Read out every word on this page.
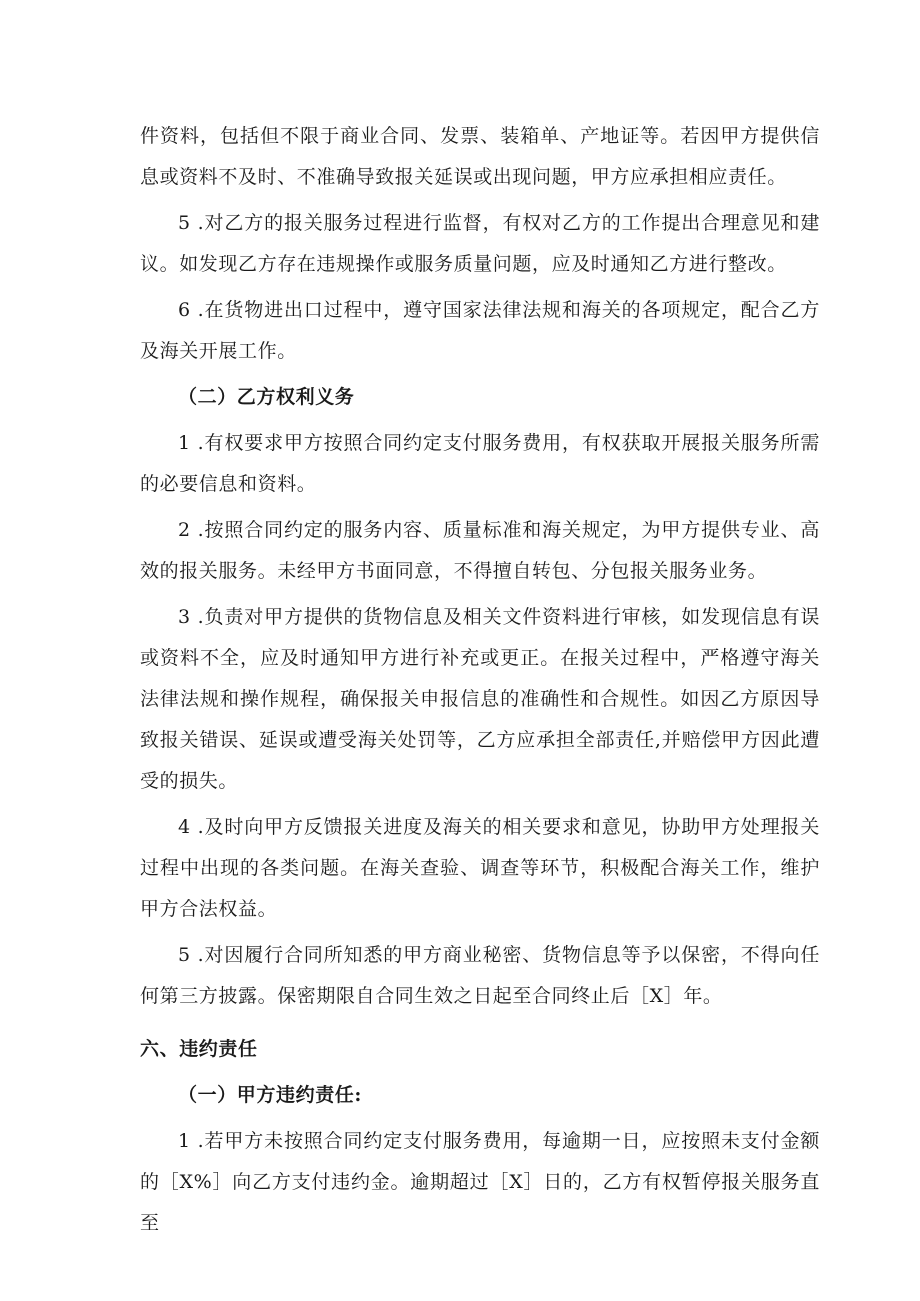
件资料，包括但不限于商业合同、发票、装箱单、产地证等。若因甲方提供信息或资料不及时、不准确导致报关延误或出现问题，甲方应承担相应责任。

5 .对乙方的报关服务过程进行监督，有权对乙方的工作提出合理意见和建议。如发现乙方存在违规操作或服务质量问题，应及时通知乙方进行整改。

6 .在货物进出口过程中，遵守国家法律法规和海关的各项规定，配合乙方及海关开展工作。

（二）乙方权利义务

1 .有权要求甲方按照合同约定支付服务费用，有权获取开展报关服务所需的必要信息和资料。

2 .按照合同约定的服务内容、质量标准和海关规定，为甲方提供专业、高效的报关服务。未经甲方书面同意，不得擅自转包、分包报关服务业务。

3 .负责对甲方提供的货物信息及相关文件资料进行审核，如发现信息有误或资料不全，应及时通知甲方进行补充或更正。在报关过程中，严格遵守海关法律法规和操作规程，确保报关申报信息的准确性和合规性。如因乙方原因导致报关错误、延误或遭受海关处罚等，乙方应承担全部责任,并赔偿甲方因此遭受的损失。

4 .及时向甲方反馈报关进度及海关的相关要求和意见，协助甲方处理报关过程中出现的各类问题。在海关查验、调查等环节，积极配合海关工作，维护甲方合法权益。

5 .对因履行合同所知悉的甲方商业秘密、货物信息等予以保密，不得向任何第三方披露。保密期限自合同生效之日起至合同终止后［X］年。

六、违约责任

（一）甲方违约责任:

1 .若甲方未按照合同约定支付服务费用，每逾期一日，应按照未支付金额的［X%］向乙方支付违约金。逾期超过［X］日的，乙方有权暂停报关服务直至
